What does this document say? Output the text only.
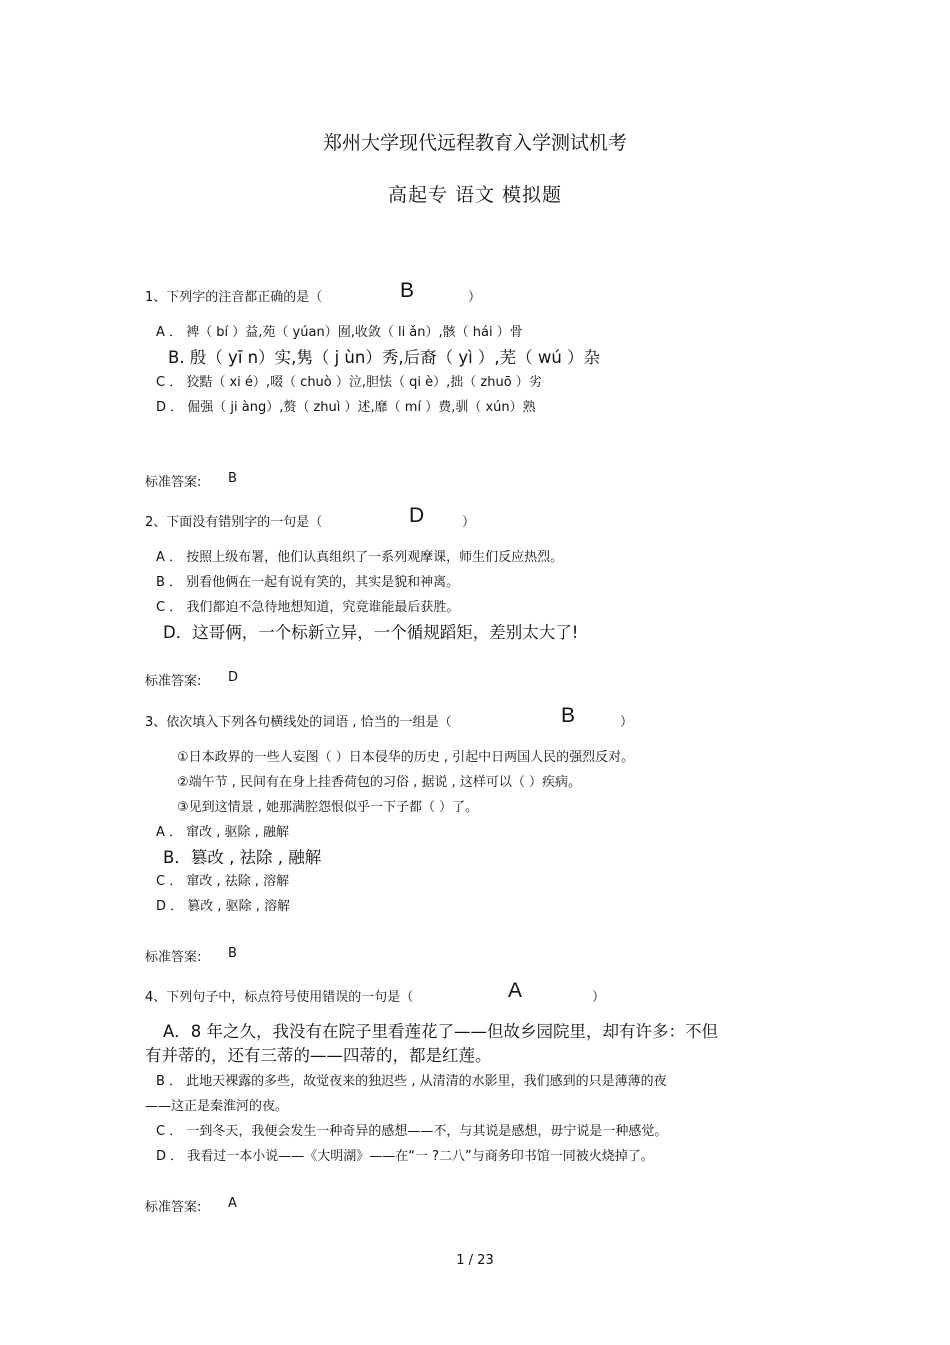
郑州大学现代远程教育入学测试机考
高起专 语文 模拟题
1、下列字的注音都正确的是（	B	）
A ． 裨（ bí ）益,苑（ yúan）囿,收敛（ li ǎn）,骸（ hái ）骨
B. 殷（ yī n）实,隽（ j ùn）秀,后裔（ yì ）,芜（ wú ）杂
C ． 狡黠（ xi é）,啜（ chuò ）泣,胆怯（ qi è）,拙（ zhuō ）劣
D ． 倔强（ ji àng）,赘（ zhuì ）述,靡（ mí ）费,驯（ xún）熟
标准答案: B
2、下面没有错别字的一句是（	D	）
A ． 按照上级布署，他们认真组织了一系列观摩课，师生们反应热烈。
B ． 别看他俩在一起有说有笑的，其实是貌和神离。
C ． 我们都迫不急待地想知道，究竟谁能最后获胜。
D．这哥俩，一个标新立异，一个循规蹈矩，差别太大了!
标准答案: D
3、依次填入下列各句横线处的词语 , 恰当的一组是（	B	）
①日本政界的一些人妄图（ ）日本侵华的历史 , 引起中日两国人民的强烈反对。
②端午节 , 民间有在身上挂香荷包的习俗 , 据说 , 这样可以（ ）疾病。
③见到这情景 , 她那满腔怨恨似乎一下子都（ ）了。
A ． 窜改 , 驱除 , 融解
B．篡改 , 祛除 , 融解
C ． 窜改 , 祛除 , 溶解
D ． 篡改 , 驱除 , 溶解
标准答案: B
4、下列句子中，标点符号使用错误的一句是（	A	）
A．8 年之久，我没有在院子里看莲花了——但故乡园院里，却有许多：不但
有并蒂的，还有三蒂的——四蒂的，都是红莲。
B ． 此地天裸露的多些，故觉夜来的独迟些 , 从清清的水影里，我们感到的只是薄薄的夜
——这正是秦淮河的夜。
C ． 一到冬天，我便会发生一种奇异的感想——不，与其说是感想，毋宁说是一种感觉。
D ． 我看过一本小说——《大明湖》——在“一 ?二八”与商务印书馆一同被火烧掉了。
标准答案: A
1 / 23
